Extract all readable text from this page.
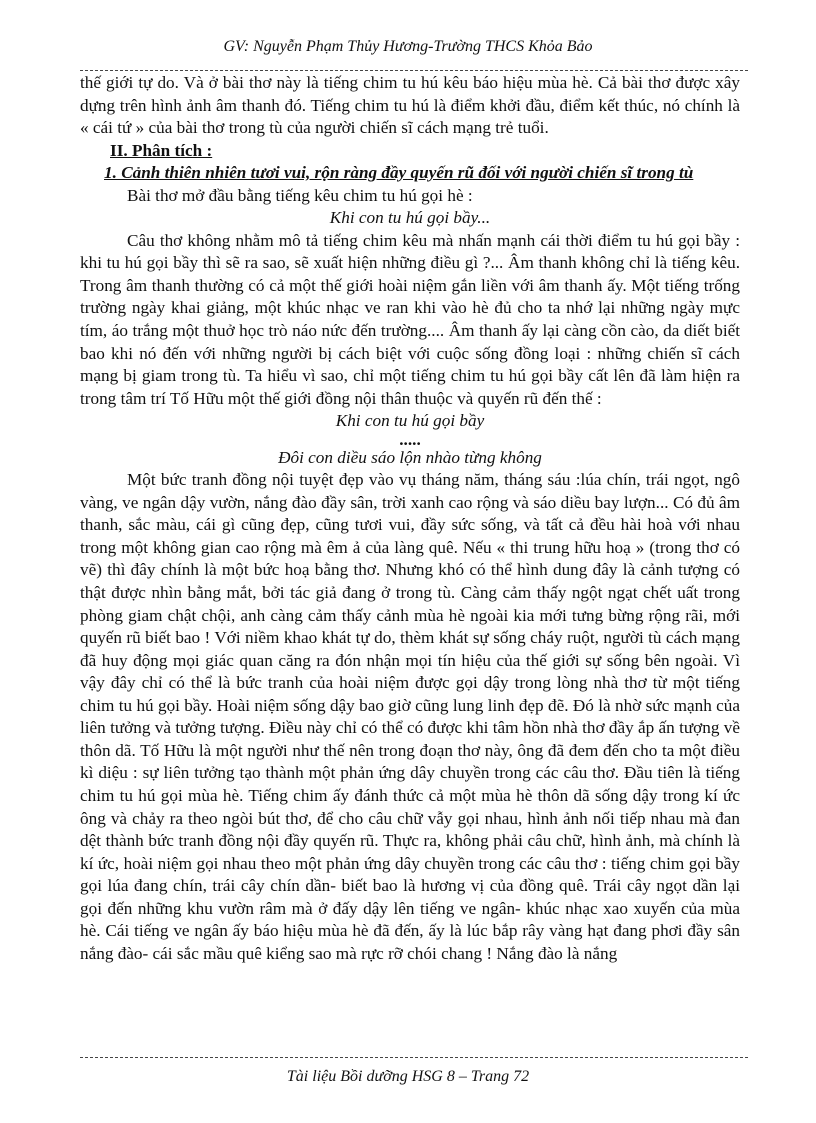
GV: Nguyễn Phạm Thủy Hương-Trường THCS Khỏa Bảo

thế giới tự do. Và ở bài thơ này là tiếng chim tu hú kêu báo hiệu mùa hè. Cả bài thơ được xây dựng trên hình ảnh âm thanh đó. Tiếng chim tu hú là điểm khởi đầu, điểm kết thúc, nó chính là « cái tứ » của bài thơ trong tù của người chiến sĩ cách mạng trẻ tuổi.

II. Phân tích :

1. Cảnh thiên nhiên tươi vui, rộn ràng đầy quyến rũ đối với người chiến sĩ trong tù

Bài thơ mở đầu bằng tiếng kêu chim tu hú gọi hè :

Khi con tu hú gọi bầy...

Câu thơ không nhằm mô tả tiếng chim kêu mà nhấn mạnh cái thời điểm tu hú gọi bầy : khi tu hú gọi bầy thì sẽ ra sao, sẽ xuất hiện những điều gì ?... Âm thanh không chỉ là tiếng kêu. Trong âm thanh thường có cả một thế giới hoài niệm gắn liền với âm thanh ấy. Một tiếng trống trường ngày khai giảng, một khúc nhạc ve ran khi vào hè đủ cho ta nhớ lại những ngày mực tím, áo trắng một thuở học trò náo nức đến trường.... Âm thanh ấy lại càng cồn cào, da diết biết bao khi nó đến với những người bị cách biệt với cuộc sống đồng loại : những chiến sĩ cách mạng bị giam trong tù. Ta hiểu vì sao, chỉ một tiếng chim tu hú gọi bầy cất lên đã làm hiện ra trong tâm trí Tố Hữu một thế giới đồng nội thân thuộc và quyến rũ đến thế :

Khi con tu hú gọi bầy

.....

Đôi con diều sáo lộn nhào từng không

Một bức tranh đồng nội tuyệt đẹp vào vụ tháng năm, tháng sáu :lúa chín, trái ngọt, ngô vàng, ve ngân dậy vườn, nắng đào đầy sân, trời xanh cao rộng và sáo diều bay lượn... Có đủ âm thanh, sắc màu, cái gì cũng đẹp, cũng tươi vui, đầy sức sống, và tất cả đều hài hoà với nhau trong một không gian cao rộng mà êm ả của làng quê. Nếu « thi trung hữu hoạ » (trong thơ có vẽ) thì đây chính là một bức hoạ bằng thơ. Nhưng khó có thể hình dung đây là cảnh tượng có thật được nhìn bằng mắt, bởi tác giả đang ở trong tù. Càng cảm thấy ngột ngạt chết uất trong phòng giam chật chội, anh càng cảm thấy cảnh mùa hè ngoài kia mới tưng bừng rộng rãi, mới quyến rũ biết bao ! Với niềm khao khát tự do, thèm khát sự sống cháy ruột, người tù cách mạng đã huy động mọi giác quan căng ra đón nhận mọi tín hiệu của thế giới sự sống bên ngoài. Vì vậy đây chỉ có thể là bức tranh của hoài niệm được gọi dậy trong lòng nhà thơ từ một tiếng chim tu hú gọi bầy. Hoài niệm sống dậy bao giờ cũng lung linh đẹp đẽ. Đó là nhờ sức mạnh của liên tưởng và tưởng tượng. Điều này chỉ có thể có được khi tâm hồn nhà thơ đầy ắp ấn tượng về thôn dã. Tố Hữu là một người như thế nên trong đoạn thơ này, ông đã đem đến cho ta một điều kì diệu : sự liên tưởng tạo thành một phản ứng dây chuyền trong các câu thơ. Đầu tiên là tiếng chim tu hú gọi mùa hè. Tiếng chim ấy đánh thức cả một mùa hè thôn dã sống dậy trong kí ức ông và chảy ra theo ngòi bút thơ, để cho câu chữ vẫy gọi nhau, hình ảnh nối tiếp nhau mà đan dệt thành bức tranh đồng nội đầy quyến rũ. Thực ra, không phải câu chữ, hình ảnh, mà chính là kí ức, hoài niệm gọi nhau theo một phản ứng dây chuyền trong các câu thơ : tiếng chim gọi bầy gọi lúa đang chín, trái cây chín dần- biết bao là hương vị của đồng quê. Trái cây ngọt dần lại gọi đến những khu vườn râm mà ở đấy dậy lên tiếng ve ngân- khúc nhạc xao xuyến của mùa hè. Cái tiếng ve ngân ấy báo hiệu mùa hè đã đến, ấy là lúc bắp rây vàng hạt đang phơi đầy sân nắng đào- cái sắc mầu quê kiểng sao mà rực rỡ chói chang ! Nắng đào là nắng

Tài liệu Bồi dưỡng HSG 8 – Trang 72
